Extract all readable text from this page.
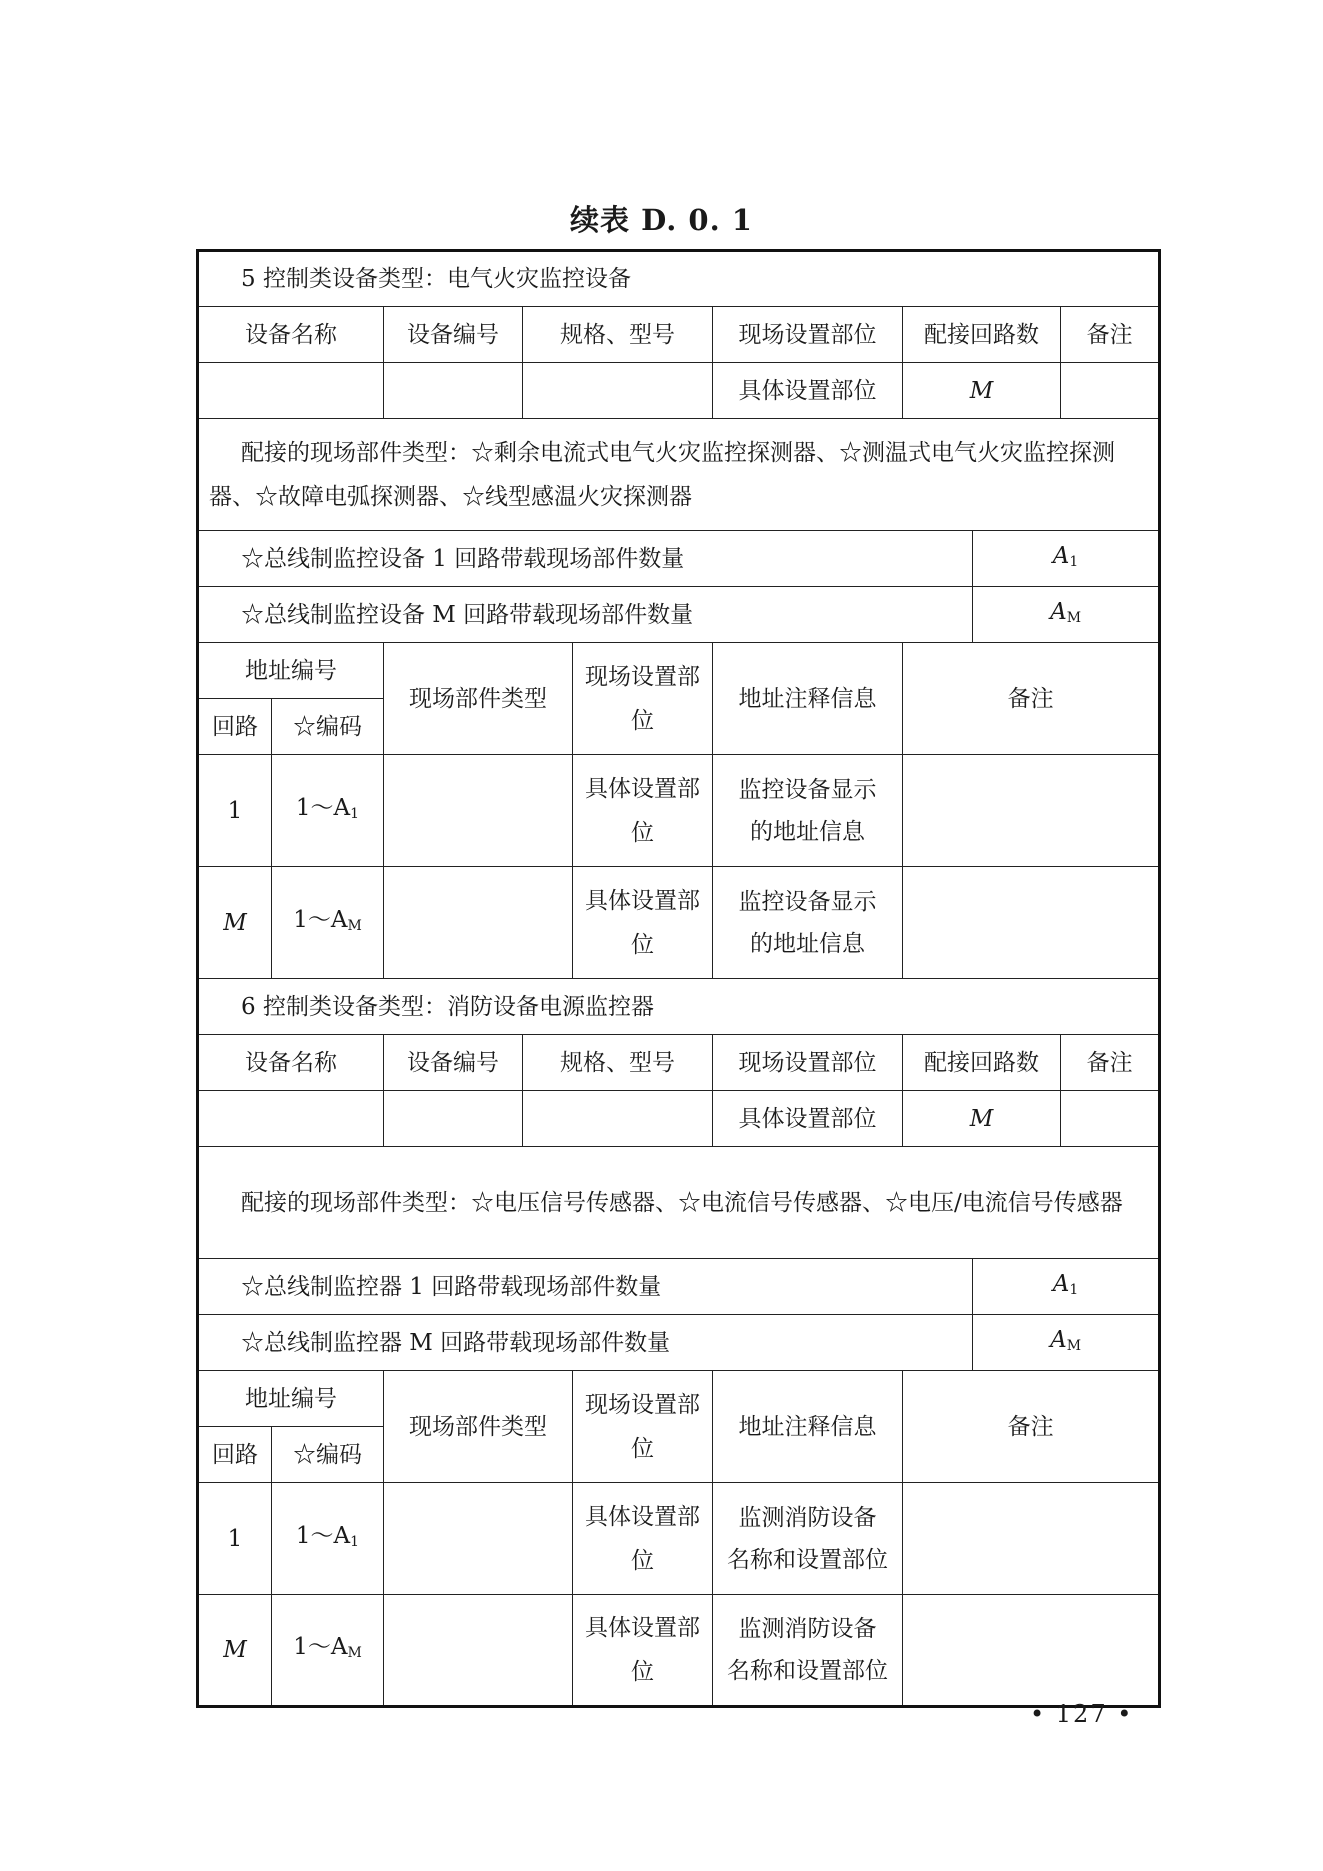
续表 D. 0. 1
5 控制类设备类型：电气火灾监控设备								
设备名称		设备编号	规格、型号		现场设置部位	配接回路数		备注
					具体设置部位	M		
配接的现场部件类型：☆剩余电流式电气火灾监控探测器、☆测温式电气火灾监控探测器、☆故障电弧探测器、☆线型感温火灾探测器								
☆总线制监控设备 1 回路带载现场部件数量							$A_1$
☆总线制监控设备 M 回路带载现场部件数量							$A_M$
地址编号		现场部件类型		现场设置部位	地址注释信息	备注		
回路	☆编码							
1	$1\sim A_1$			具体设置部位	监控设备显示
的地址信息			
M	$1\sim A_M$			具体设置部位	监控设备显示
的地址信息			
6 控制类设备类型：消防设备电源监控器								
设备名称		设备编号	规格、型号		现场设置部位	配接回路数		备注
					具体设置部位	M		
配接的现场部件类型：☆电压信号传感器、☆电流信号传感器、☆电压/电流信号传感器								
☆总线制监控器 1 回路带载现场部件数量							$A_1$
☆总线制监控器 M 回路带载现场部件数量							$A_M$
地址编号		现场部件类型		现场设置部位	地址注释信息	备注		
回路	☆编码							
1	$1\sim A_1$			具体设置部位	监测消防设备
名称和设置部位			
M	$1\sim A_M$			具体设置部位	监测消防设备
名称和设置部位			
• 127 •
